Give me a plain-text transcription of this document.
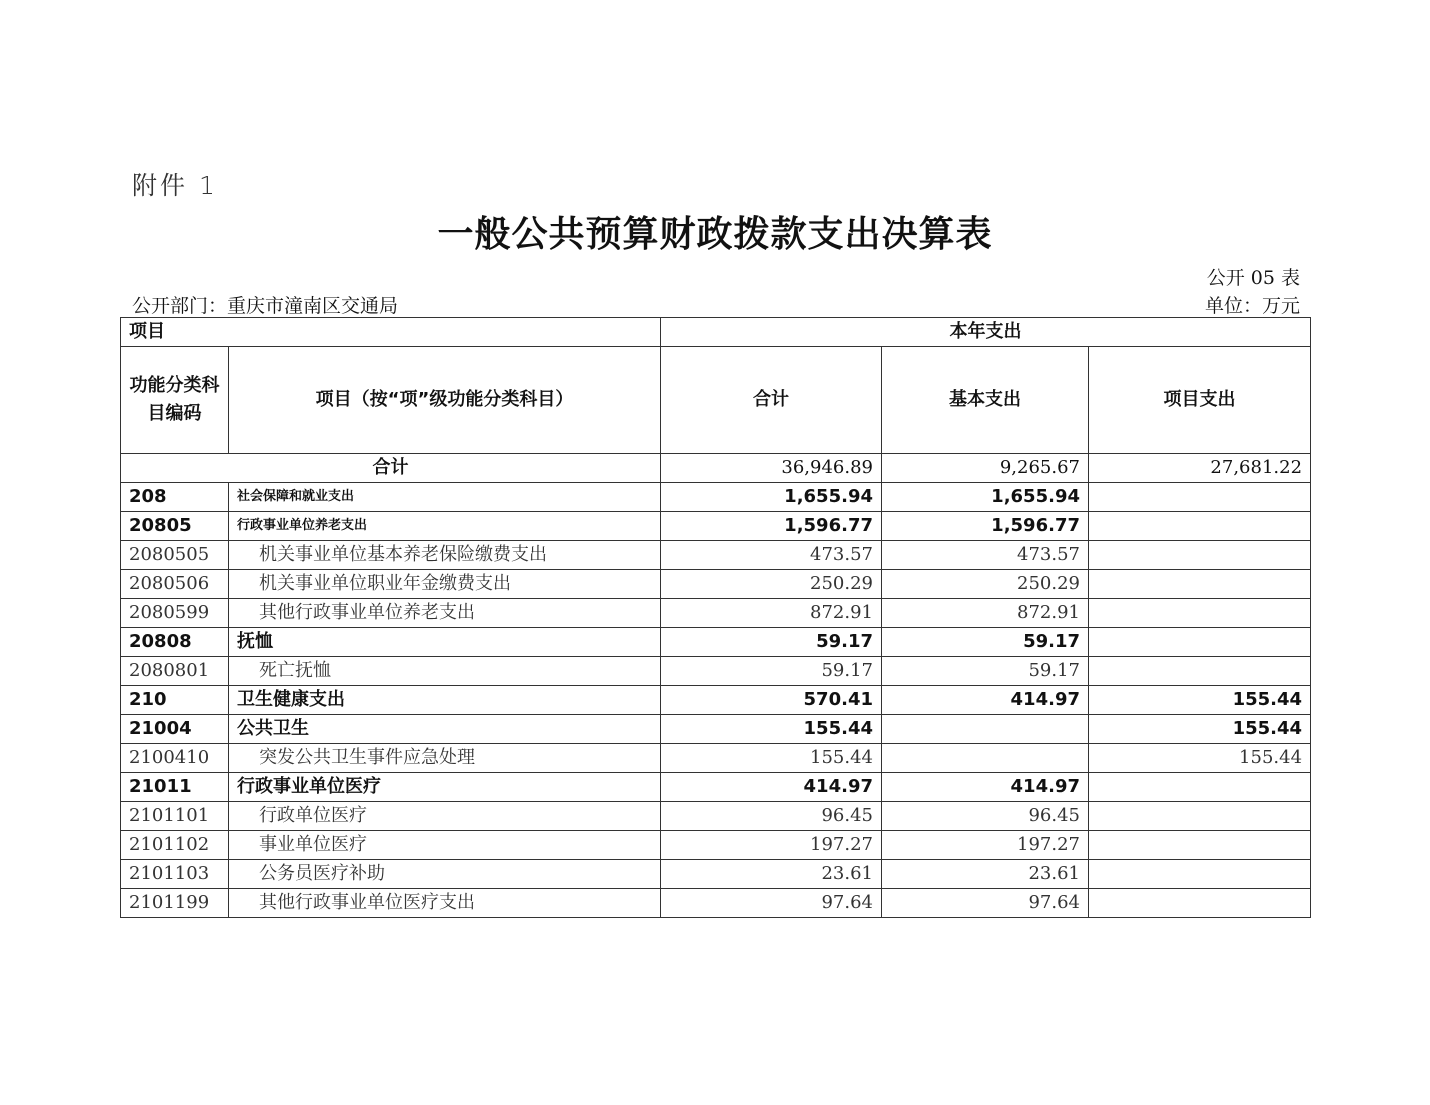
附件 1
一般公共预算财政拨款支出决算表
公开 05 表
公开部门：重庆市潼南区交通局	单位：万元
项目		本年支出		
功能分类科目编码	项目（按“项”级功能分类科目）	合计	基本支出	项目支出
合计		36,946.89	9,265.67	27,681.22
208	社会保障和就业支出	1,655.94	1,655.94	
20805	行政事业单位养老支出	1,596.77	1,596.77	
2080505	机关事业单位基本养老保险缴费支出	473.57	473.57	
2080506	机关事业单位职业年金缴费支出	250.29	250.29	
2080599	其他行政事业单位养老支出	872.91	872.91	
20808	抚恤	59.17	59.17	
2080801	死亡抚恤	59.17	59.17	
210	卫生健康支出	570.41	414.97	155.44
21004	公共卫生	155.44		155.44
2100410	突发公共卫生事件应急处理	155.44		155.44
21011	行政事业单位医疗	414.97	414.97	
2101101	行政单位医疗	96.45	96.45	
2101102	事业单位医疗	197.27	197.27	
2101103	公务员医疗补助	23.61	23.61	
2101199	其他行政事业单位医疗支出	97.64	97.64	
